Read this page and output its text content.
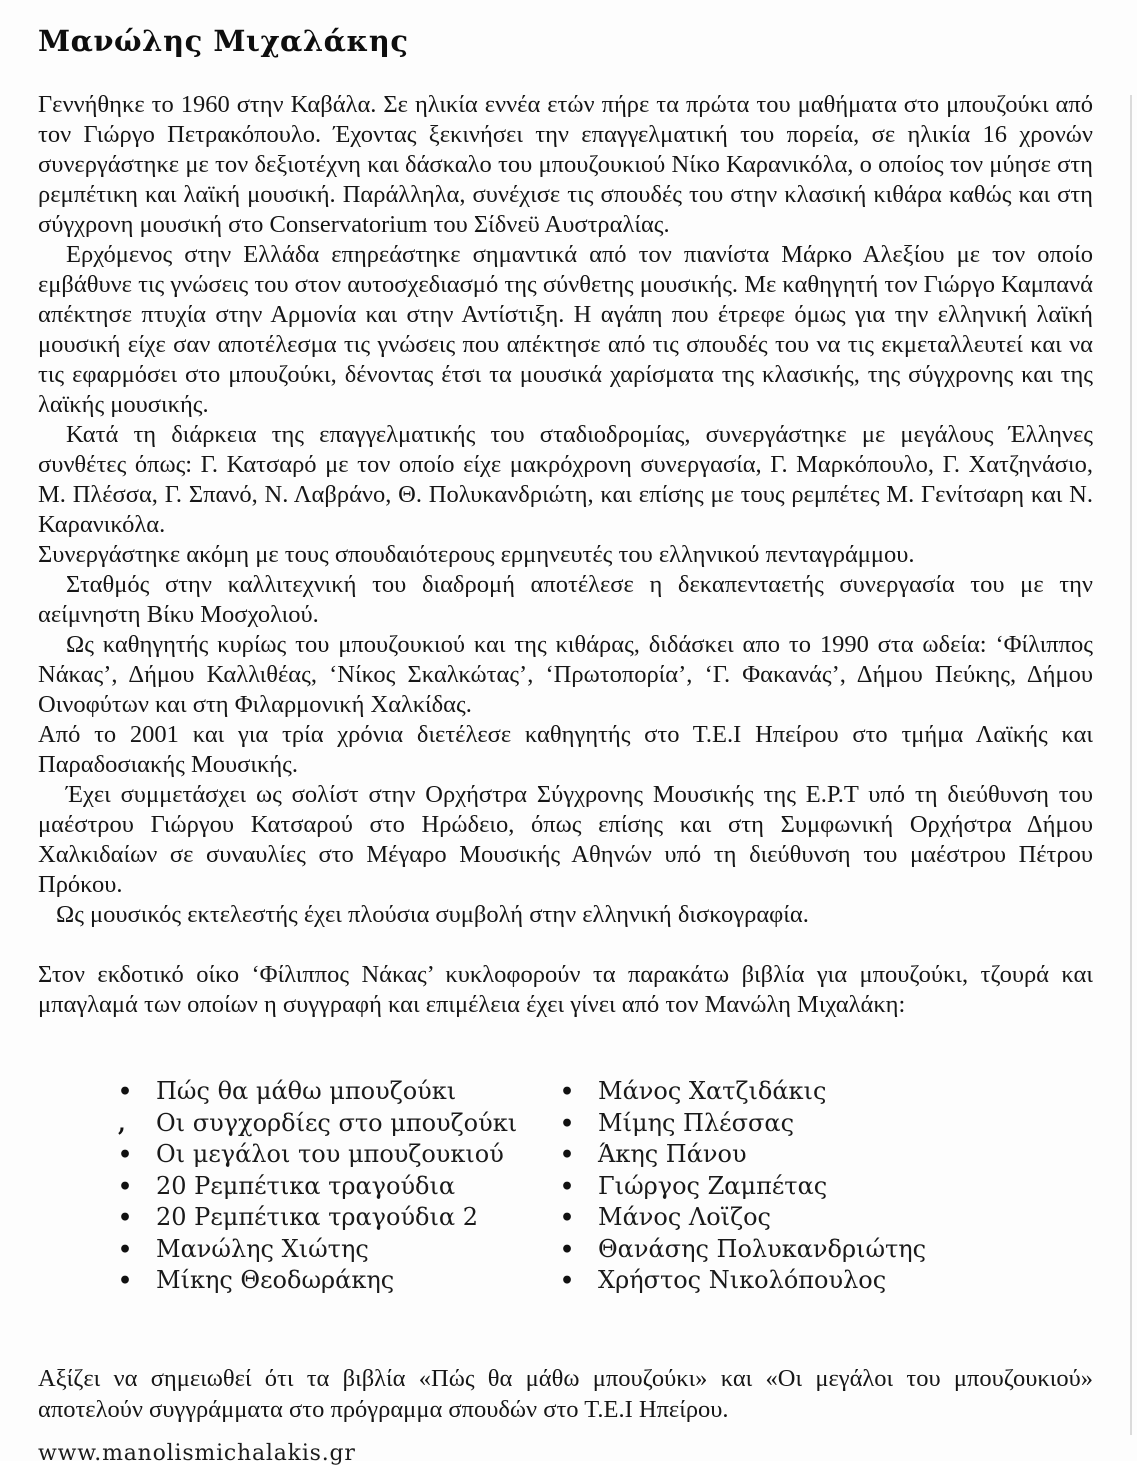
Μανώλης Μιχαλάκης

Γεννήθηκε το 1960 στην Καβάλα. Σε ηλικία εννέα ετών πήρε τα πρώτα του μαθήματα στο μπουζούκι από τον Γιώργο Πετρακόπουλο. Έχοντας ξεκινήσει την επαγγελματική του πορεία, σε ηλικία 16 χρονών συνεργάστηκε με τον δεξιοτέχνη και δάσκαλο του μπουζουκιού Νίκο Καρανικόλα, ο οποίος τον μύησε στη ρεμπέτικη και λαϊκή μουσική. Παράλληλα, συνέχισε τις σπουδές του στην κλασική κιθάρα καθώς και στη σύγχρονη μουσική στο Conservatorium του Σίδνεϋ Αυστραλίας.

Ερχόμενος στην Ελλάδα επηρεάστηκε σημαντικά από τον πιανίστα Μάρκο Αλεξίου με τον οποίο εμβάθυνε τις γνώσεις του στον αυτοσχεδιασμό της σύνθετης μουσικής. Με καθηγητή τον Γιώργο Καμπανά απέκτησε πτυχία στην Αρμονία και στην Αντίστιξη. Η αγάπη που έτρεφε όμως για την ελληνική λαϊκή μουσική είχε σαν αποτέλεσμα τις γνώσεις που απέκτησε από τις σπουδές του να τις εκμεταλλευτεί και να τις εφαρμόσει στο μπουζούκι, δένοντας έτσι τα μουσικά χαρίσματα της κλασικής, της σύγχρονης και της λαϊκής μουσικής.

Κατά τη διάρκεια της επαγγελματικής του σταδιοδρομίας, συνεργάστηκε με μεγάλους Έλληνες συνθέτες όπως: Γ. Κατσαρό με τον οποίο είχε μακρόχρονη συνεργασία, Γ. Μαρκόπουλο, Γ. Χατζηνάσιο, Μ. Πλέσσα, Γ. Σπανό, Ν. Λαβράνο, Θ. Πολυκανδριώτη, και επίσης με τους ρεμπέτες Μ. Γενίτσαρη και Ν. Καρανικόλα.

Συνεργάστηκε ακόμη με τους σπουδαιότερους ερμηνευτές του ελληνικού πενταγράμμου.

Σταθμός στην καλλιτεχνική του διαδρομή αποτέλεσε η δεκαπενταετής συνεργασία του με την αείμνηστη Βίκυ Μοσχολιού.

Ως καθηγητής κυρίως του μπουζουκιού και της κιθάρας, διδάσκει απο το 1990 στα ωδεία: ‘Φίλιππος Νάκας’, Δήμου Καλλιθέας, ‘Νίκος Σκαλκώτας’, ‘Πρωτοπορία’, ‘Γ. Φακανάς’, Δήμου Πεύκης, Δήμου Οινοφύτων και στη Φιλαρμονική Χαλκίδας.

Από το 2001 και για τρία χρόνια διετέλεσε καθηγητής στο Τ.Ε.Ι Ηπείρου στο τμήμα Λαϊκής και Παραδοσιακής Μουσικής.

Έχει συμμετάσχει ως σολίστ στην Ορχήστρα Σύγχρονης Μουσικής της Ε.Ρ.Τ υπό τη διεύθυνση του μαέστρου Γιώργου Κατσαρού στο Ηρώδειο, όπως επίσης και στη Συμφωνική Ορχήστρα Δήμου Χαλκιδαίων σε συναυλίες στο Μέγαρο Μουσικής Αθηνών υπό τη διεύθυνση του μαέστρου Πέτρου Πρόκου.

Ως μουσικός εκτελεστής έχει πλούσια συμβολή στην ελληνική δισκογραφία.

Στον εκδοτικό οίκο ‘Φίλιππος Νάκας’ κυκλοφορούν τα παρακάτω βιβλία για μπουζούκι, τζουρά και μπαγλαμά των οποίων η συγγραφή και επιμέλεια έχει γίνει από τον Μανώλη Μιχαλάκη:

• Πώς θα μάθω μπουζούκι
,	Οι συγχορδίες στο μπουζούκι
• Οι μεγάλοι του μπουζουκιού
• 20 Ρεμπέτικα τραγούδια
• 20 Ρεμπέτικα τραγούδια 2
• Μανώλης Χιώτης
• Μίκης Θεοδωράκης
• Μάνος Χατζιδάκις
• Μίμης Πλέσσας
• Άκης Πάνου
• Γιώργος Ζαμπέτας
• Μάνος Λοϊζος
• Θανάσης Πολυκανδριώτης
• Χρήστος Νικολόπουλος

Αξίζει να σημειωθεί ότι τα βιβλία «Πώς θα μάθω μπουζούκι» και «Οι μεγάλοι του μπουζουκιού» αποτελούν συγγράμματα στο πρόγραμμα σπουδών στο Τ.Ε.Ι Ηπείρου.

www.manolismichalakis.gr
